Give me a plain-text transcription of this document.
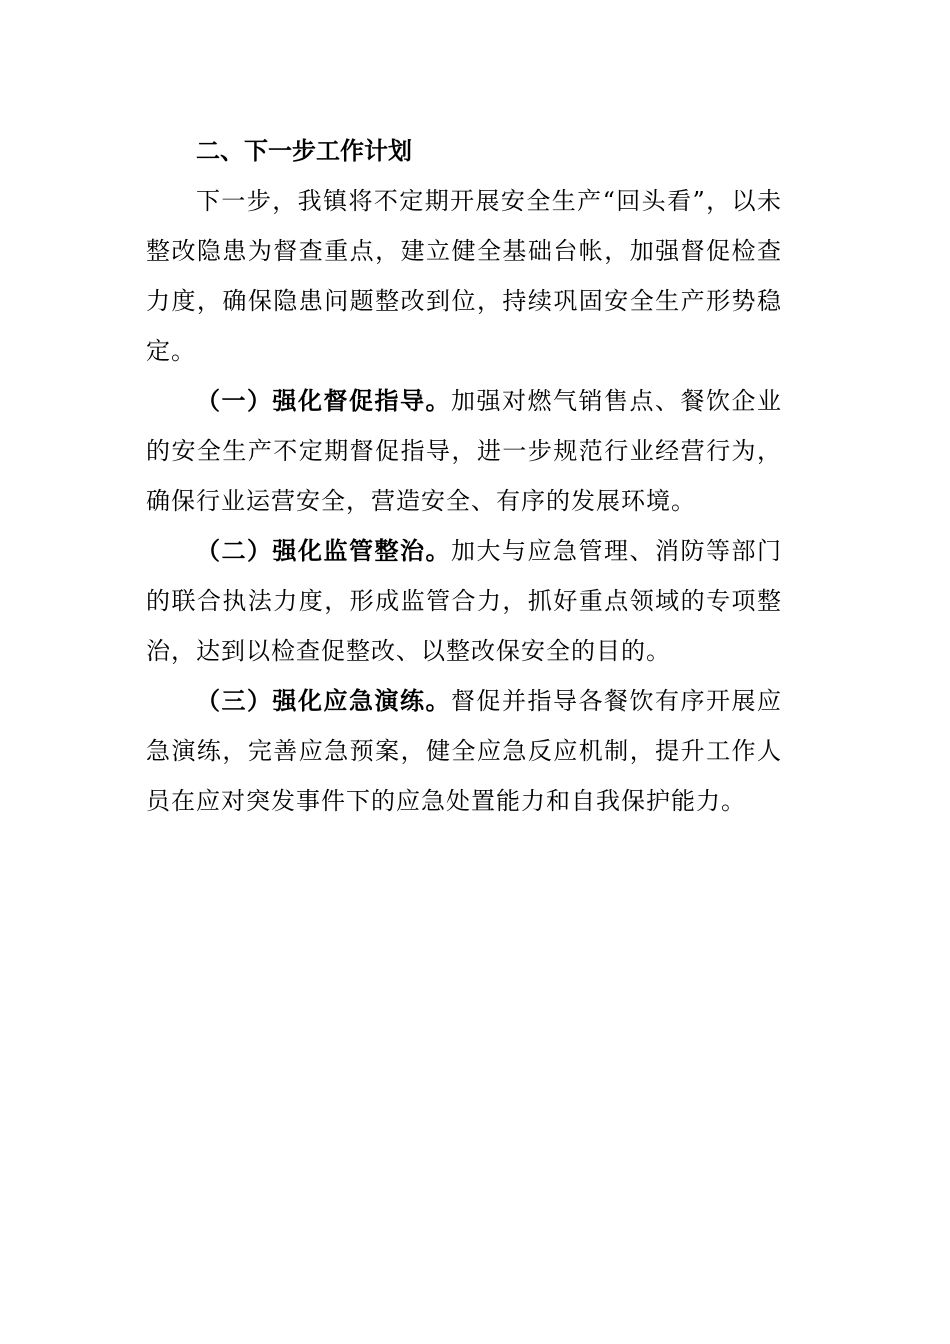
二、下一步工作计划

下一步，我镇将不定期开展安全生产“回头看”，以未整改隐患为督查重点，建立健全基础台帐，加强督促检查力度，确保隐患问题整改到位，持续巩固安全生产形势稳定。

（一）强化督促指导。加强对燃气销售点、餐饮企业的安全生产不定期督促指导，进一步规范行业经营行为，确保行业运营安全，营造安全、有序的发展环境。

（二）强化监管整治。加大与应急管理、消防等部门的联合执法力度，形成监管合力，抓好重点领域的专项整治，达到以检查促整改、以整改保安全的目的。

（三）强化应急演练。督促并指导各餐饮有序开展应急演练，完善应急预案，健全应急反应机制，提升工作人员在应对突发事件下的应急处置能力和自我保护能力。
